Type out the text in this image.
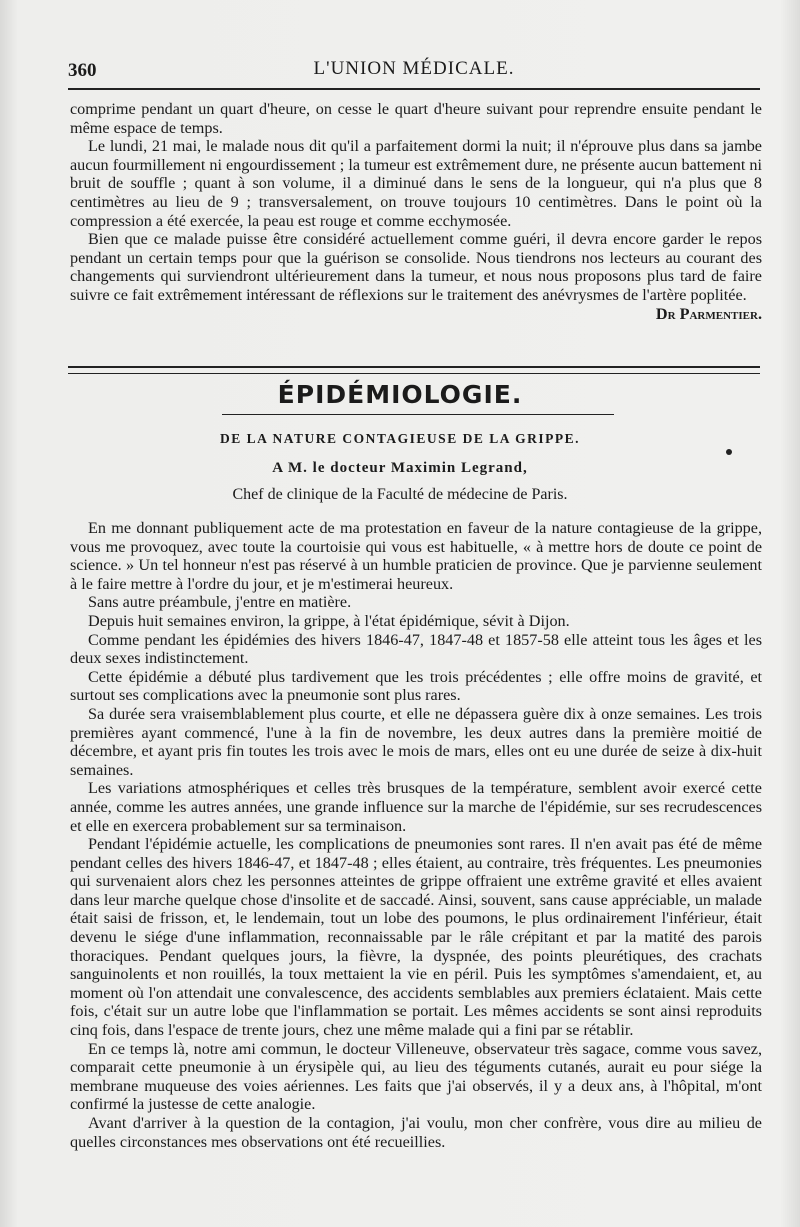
360	L'UNION MÉDICALE.

comprime pendant un quart d'heure, on cesse le quart d'heure suivant pour reprendre ensuite pendant le même espace de temps.

Le lundi, 21 mai, le malade nous dit qu'il a parfaitement dormi la nuit; il n'éprouve plus dans sa jambe aucun fourmillement ni engourdissement ; la tumeur est extrêmement dure, ne présente aucun battement ni bruit de souffle ; quant à son volume, il a diminué dans le sens de la longueur, qui n'a plus que 8 centimètres au lieu de 9 ; transversalement, on trouve toujours 10 centimètres. Dans le point où la compression a été exercée, la peau est rouge et comme ecchymosée.

Bien que ce malade puisse être considéré actuellement comme guéri, il devra encore garder le repos pendant un certain temps pour que la guérison se consolide. Nous tiendrons nos lecteurs au courant des changements qui surviendront ultérieurement dans la tumeur, et nous nous proposons plus tard de faire suivre ce fait extrêmement intéressant de réflexions sur le traitement des anévrysmes de l'artère poplitée.

Dr Parmentier.

ÉPIDÉMIOLOGIE.
DE LA NATURE CONTAGIEUSE DE LA GRIPPE.
A M. le docteur Maximin Legrand,
Chef de clinique de la Faculté de médecine de Paris.

En me donnant publiquement acte de ma protestation en faveur de la nature contagieuse de la grippe, vous me provoquez, avec toute la courtoisie qui vous est habituelle, « à mettre hors de doute ce point de science. » Un tel honneur n'est pas réservé à un humble praticien de province. Que je parvienne seulement à le faire mettre à l'ordre du jour, et je m'estimerai heureux.

Sans autre préambule, j'entre en matière.

Depuis huit semaines environ, la grippe, à l'état épidémique, sévit à Dijon.

Comme pendant les épidémies des hivers 1846-47, 1847-48 et 1857-58 elle atteint tous les âges et les deux sexes indistinctement.

Cette épidémie a débuté plus tardivement que les trois précédentes ; elle offre moins de gravité, et surtout ses complications avec la pneumonie sont plus rares.

Sa durée sera vraisemblablement plus courte, et elle ne dépassera guère dix à onze semaines. Les trois premières ayant commencé, l'une à la fin de novembre, les deux autres dans la première moitié de décembre, et ayant pris fin toutes les trois avec le mois de mars, elles ont eu une durée de seize à dix-huit semaines.

Les variations atmosphériques et celles très brusques de la température, semblent avoir exercé cette année, comme les autres années, une grande influence sur la marche de l'épidémie, sur ses recrudescences et elle en exercera probablement sur sa terminaison.

Pendant l'épidémie actuelle, les complications de pneumonies sont rares. Il n'en avait pas été de même pendant celles des hivers 1846-47, et 1847-48 ; elles étaient, au contraire, très fréquentes. Les pneumonies qui survenaient alors chez les personnes atteintes de grippe offraient une extrême gravité et elles avaient dans leur marche quelque chose d'insolite et de saccadé. Ainsi, souvent, sans cause appréciable, un malade était saisi de frisson, et, le lendemain, tout un lobe des poumons, le plus ordinairement l'inférieur, était devenu le siége d'une inflammation, reconnaissable par le râle crépitant et par la matité des parois thoraciques. Pendant quelques jours, la fièvre, la dyspnée, des points pleurétiques, des crachats sanguinolents et non rouillés, la toux mettaient la vie en péril. Puis les symptômes s'amendaient, et, au moment où l'on attendait une convalescence, des accidents semblables aux premiers éclataient. Mais cette fois, c'était sur un autre lobe que l'inflammation se portait. Les mêmes accidents se sont ainsi reproduits cinq fois, dans l'espace de trente jours, chez une même malade qui a fini par se rétablir.

En ce temps là, notre ami commun, le docteur Villeneuve, observateur très sagace, comme vous savez, comparait cette pneumonie à un érysipèle qui, au lieu des téguments cutanés, aurait eu pour siége la membrane muqueuse des voies aériennes. Les faits que j'ai observés, il y a deux ans, à l'hôpital, m'ont confirmé la justesse de cette analogie.

Avant d'arriver à la question de la contagion, j'ai voulu, mon cher confrère, vous dire au milieu de quelles circonstances mes observations ont été recueillies.
